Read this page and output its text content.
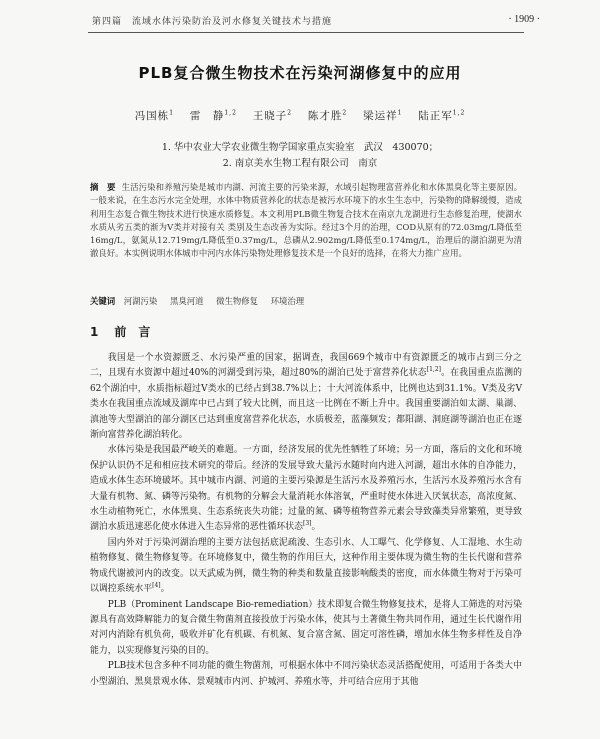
第四篇　流域水体污染防治及河水修复关键技术与措施	· 1909 ·
PLB复合微生物技术在污染河湖修复中的应用
冯国栋$^1$　 雷　静$^{1,2}$　 王晓子$^2$　 陈才胜$^2$　 梁运祥$^1$　 陆正军$^{1,2}$
1. 华中农业大学农业微生物学国家重点实验室　武汉　430070；
2. 南京美水生物工程有限公司　南京
摘　要 生活污染和养殖污染是城市内湖、河流主要的污染来源，水域引起物理富营养化和水体黑臭化等主要原因。一般来说，在生态污水完全处理，水体中物质营养化的状态是被污水环境下的水生生态中，污染物的降解缓慢，造成利用生态复合微生物技术进行快速水质修复。本文利用PLB微生物复合技术在南京九龙湖进行生态修复治理，使湖水水质从劣五类的渐为V类并对接有关 类别及生态改善为实际。经过3个月的治理，COD从原有的72.03mg/L降低至16mg/L，氨氮从12.719mg/L降低至0.37mg/L，总磷从2.902mg/L降低至0.174mg/L，治理后的湖泊湖更为清澈良好。本实例说明水体城市中河内水体污染物处理修复技术是一个良好的选择，在将大力推广应用。
关键词 河湖污染 黑臭河道 微生物修复 环境治理
1 前　言

我国是一个水资源匮乏、水污染严重的国家，据调查，我国669个城市中有资源匮乏的城市占到三分之二，且现有水资源中超过40%的河湖受到污染，超过80%的湖泊已处于富营养化状态[1,2]。在我国重点监测的62个湖泊中，水质指标超过V类水的已经占到38.7%以上；十大河流体系中，比例也达到31.1%。V类及劣V类水在我国重点流域及湖库中已占到了较大比例，而且这一比例在不断上升中。我国重要湖泊如太湖、巢湖、滇池等大型湖泊的部分湖区已达到重度富营养化状态，水质极差，蓝藻频发；都阳湖、洞庭湖等湖泊也正在逐渐向富营养化湖泊转化。

水体污染是我国最严峻关的难题。一方面，经济发展的优先性牺牲了环境；另一方面，落后的文化和环境保护认识仍不足和相应技术研究的带后。经济的发展导致大量污水随时向内进入河湖，超出水体的自净能力，造成水体生态环境破坏。其中城市内湖、河道的主要污染源是生活污水及养殖污水，生活污水及养殖污水含有大量有机物、氮、磷等污染物。有机物的分解会大量消耗水体溶氧，严重时使水体进入厌氧状态，高浓度氮、水生动植物死亡，水体黑臭、生态系统丧失功能；过量的氮、磷等植物营养元素会导致藻类异常繁殖，更导致湖泊水质迅速恶化使水体进入生态异常的恶性循环状态[3]。

国内外对于污染河湖治理的主要方法包括底泥疏浚、生态引水、人工曝气、化学修复、人工湿地、水生动植物修复、微生物修复等。在环境修复中，微生物的作用巨大，这种作用主要体现为微生物的生长代谢和营养物成代谢被河内的改变。以天武威为例，微生物的种类和数量直接影响酸类的密度，而水体微生物对于污染可以调控系统水平[4]。

PLB（Prominent Landscape Bio-remediation）技术即复合微生物修复技术，是将人工筛选的对污染源具有高效降解能力的复合微生物菌剂直接投放于污染水体，使其与土著微生物共同作用，通过生长代谢作用对河内消除有机负荷，吸收并矿化有机碳、有机氮、复合富含氮、固定可溶性磷，增加水体生物多样性及自净能力，以实现修复污染的目的。

PLB技术包含多种不同功能的微生物菌剂，可根据水体中不同污染状态灵活搭配使用，可适用于各类大中小型湖泊、黑臭景观水体、景观城市内河、护城河、养殖水等，并可结合应用于其他
